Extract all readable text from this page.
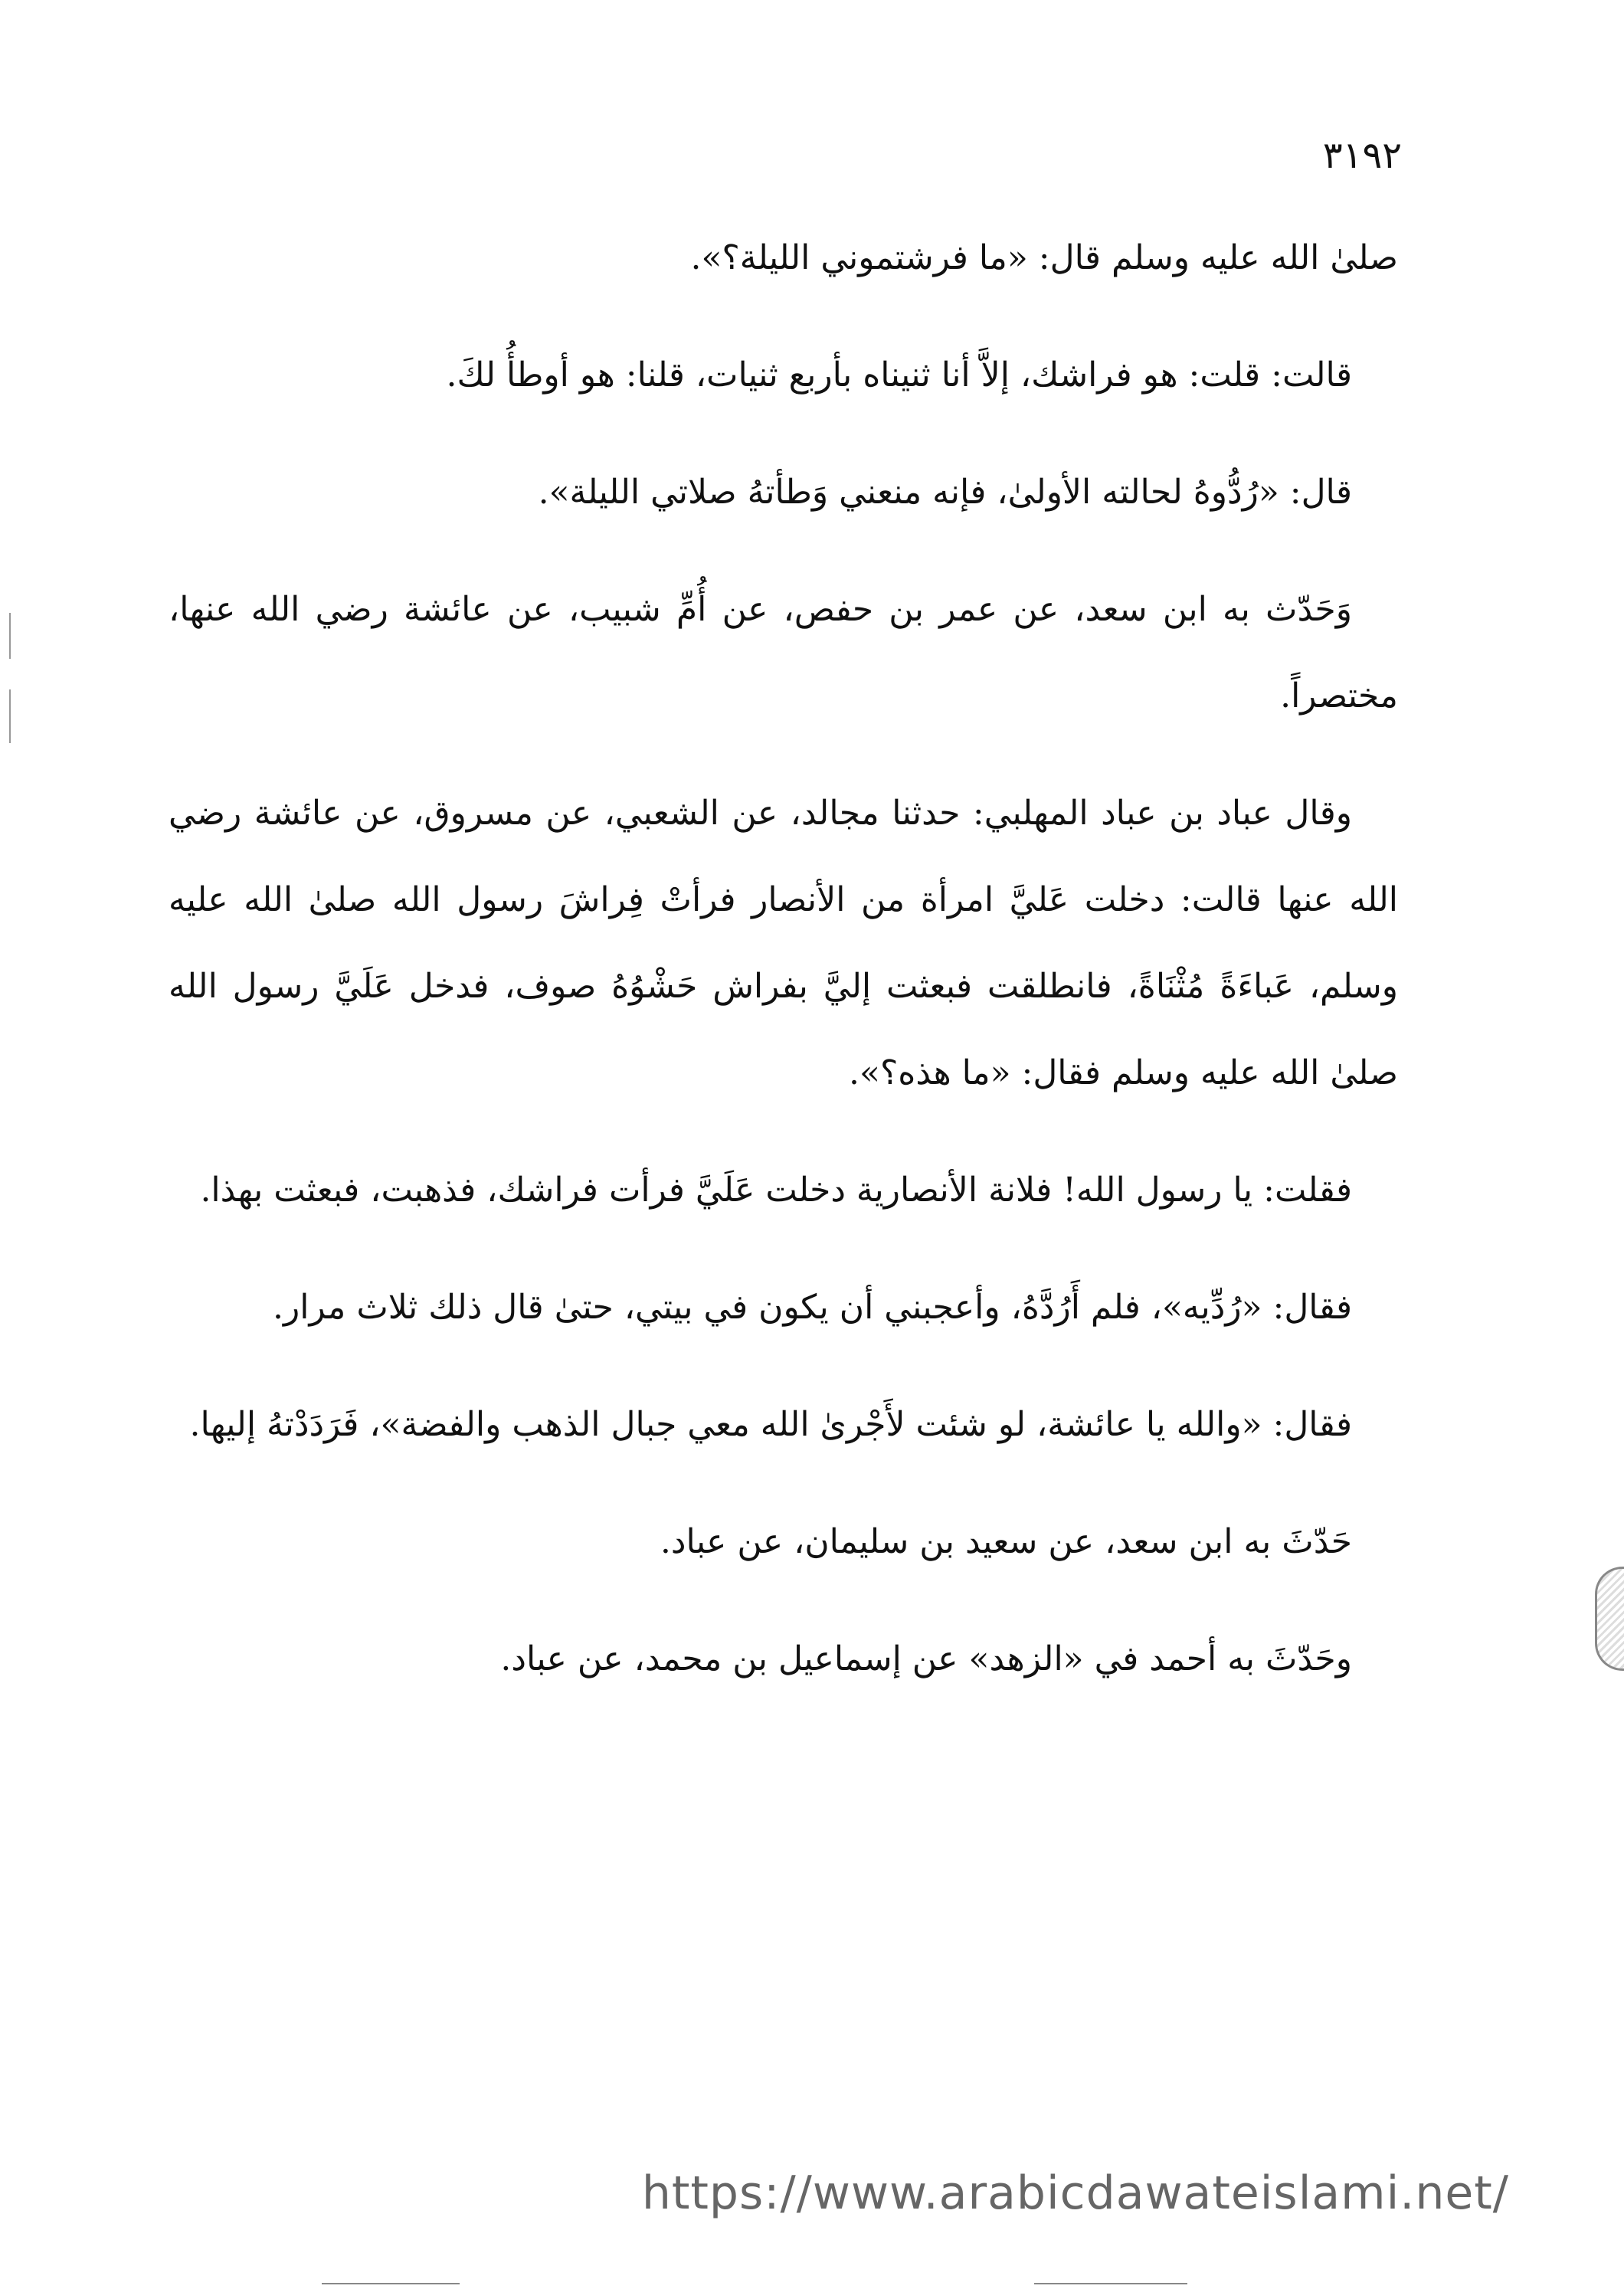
٣١٩٢

صلىٰ الله عليه وسلم قال: «ما فرشتموني الليلة؟».

قالت: قلت: هو فراشك، إلاَّ أنا ثنيناه بأربع ثنيات، قلنا: هو أوطأُ لكَ.

قال: «رُدُّوهُ لحالته الأولىٰ، فإنه منعني وَطأتهُ صلاتي الليلة».

وَحَدّث به ابن سعد، عن عمر بن حفص، عن أُمِّ شبيب، عن عائشة رضي الله عنها، مختصراً.

وقال عباد بن عباد المهلبي: حدثنا مجالد، عن الشعبي، عن مسروق، عن عائشة رضي الله عنها قالت: دخلت عَليَّ امرأة من الأنصار فرأتْ فِراشَ رسول الله صلىٰ الله عليه وسلم، عَباءَةً مُثْنَاةً، فانطلقت فبعثت إليَّ بفراش حَشْوُهُ صوف، فدخل عَلَيَّ رسول الله صلىٰ الله عليه وسلم فقال: «ما هذه؟».

فقلت: يا رسول الله! فلانة الأنصارية دخلت عَلَيَّ فرأت فراشك، فذهبت، فبعثت بهذا.

فقال: «رُدِّيه»، فلم أَرُدَّهُ، وأعجبني أن يكون في بيتي، حتىٰ قال ذلك ثلاث مرار.

فقال: «والله يا عائشة، لو شئت لأَجْرىٰ الله معي جبال الذهب والفضة»، فَرَدَدْتهُ إليها.

حَدّثَ به ابن سعد، عن سعيد بن سليمان، عن عباد.

وحَدّثَ به أحمد في «الزهد» عن إسماعيل بن محمد، عن عباد.

https://www.arabicdawateislami.net/
